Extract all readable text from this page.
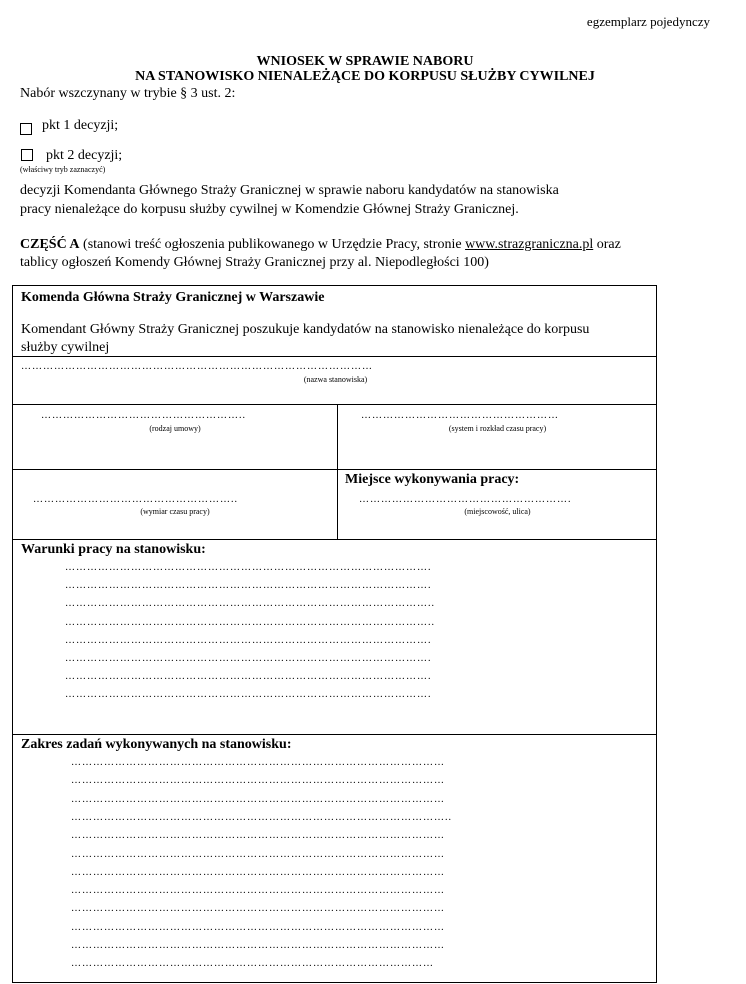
egzemplarz pojedynczy
WNIOSEK W SPRAWIE NABORU
NA STANOWISKO NIENALEŻĄCE DO KORPUSU SŁUŻBY CYWILNEJ
Nabór wszczynany w trybie § 3 ust. 2:
pkt 1 decyzji;
pkt 2 decyzji;
(właściwy tryb zaznaczyć)
decyzji Komendanta Głównego Straży Granicznej w sprawie naboru kandydatów na stanowiska
pracy nienależące do korpusu służby cywilnej w Komendzie Głównej Straży Granicznej.
CZĘŚĆ A (stanowi treść ogłoszenia publikowanego w Urzędzie Pracy, stronie www.strazgraniczna.pl oraz
tablicy ogłoszeń Komendy Głównej Straży Granicznej przy al. Niepodległości 100)
Komenda Główna Straży Granicznej w Warszawie
Komendant Główny Straży Granicznej poszukuje kandydatów na stanowisko nienależące do korpusu
służby cywilnej
……………………………………………………………………………………
(nazwa stanowiska)
………………………………………………..
(rodzaj umowy)
………………………………………………
(system i rozkład czasu pracy)
Miejsce wykonywania pracy:
………………………………………………..
(wymiar czasu pracy)
………………………………………………….
(miejscowość, ulica)
Warunki pracy na stanowisku:
……………………………………………………………………………………….
……………………………………………………………………………………….
………………………………………………………………………………………..
………………………………………………………………………………………..
……………………………………………………………………………………….
……………………………………………………………………………………….
……………………………………………………………………………………….
……………………………………………………………………………………….
Zakres zadań wykonywanych na stanowisku:
…………………………………………………………………………………………
…………………………………………………………………………………………
…………………………………………………………………………………………
…………………………………………………………………………………………..
…………………………………………………………………………………………
…………………………………………………………………………………………
…………………………………………………………………………………………
…………………………………………………………………………………………
…………………………………………………………………………………………
…………………………………………………………………………………………
…………………………………………………………………………………………
………………………………………………………………………………………
